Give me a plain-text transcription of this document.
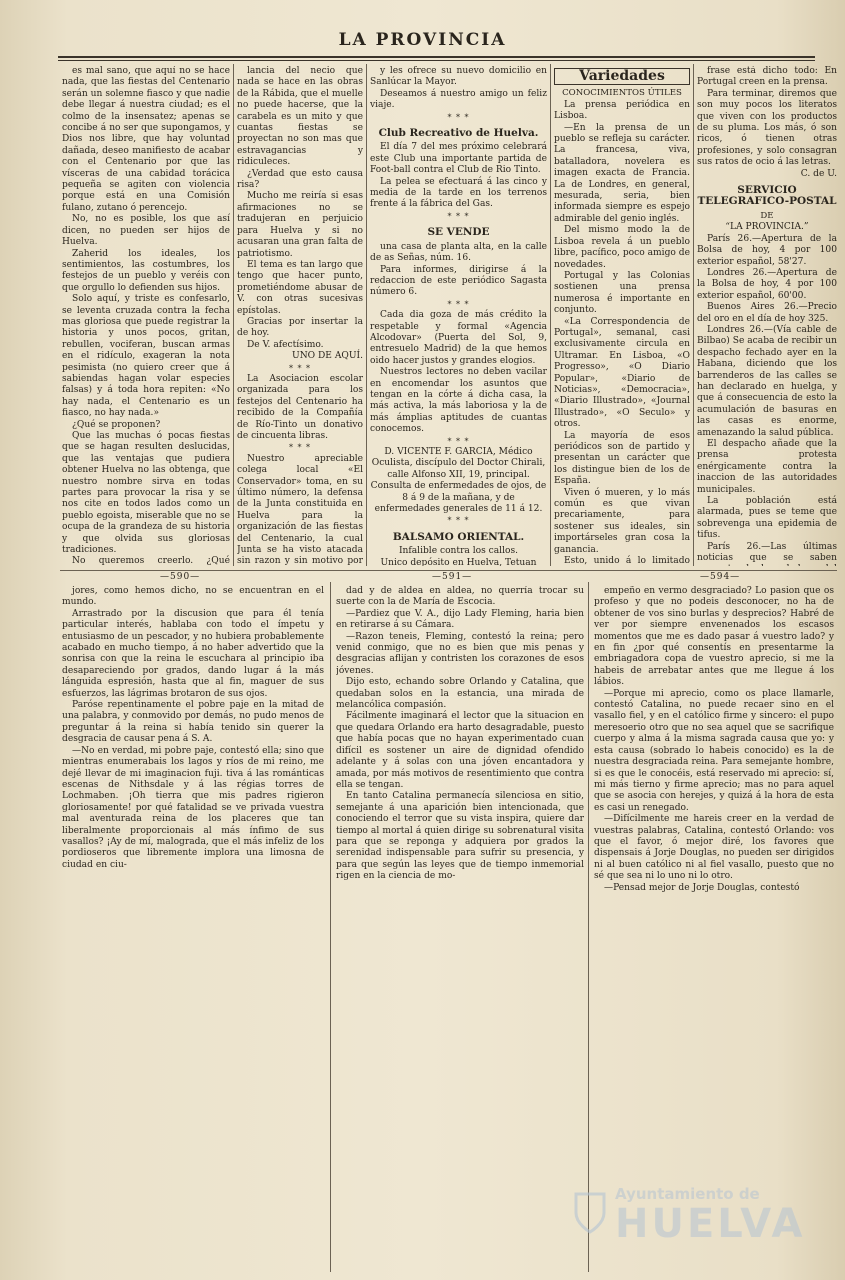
LA PROVINCIA

es mal sano, que aquí no se hace nada, que las fiestas del Centenario serán un solemne fiasco y que nadie debe llegar á nuestra ciudad; es el colmo de la insensatez; apenas se concibe á no ser que supongamos, y Dios nos libre, que hay voluntad dañada, deseo manifiesto de acabar con el Centenario por que las vísceras de una cabidad torácica pequeña se agiten con violencia porque está en una Comisión fulano, zutano ó perencejo.

No, no es posible, los que así dicen, no pueden ser hijos de Huelva.

Zaherid los ideales, los sentimientos, las costumbres, los festejos de un pueblo y veréis con que orgullo lo defienden sus hijos.

Solo aquí, y triste es confesarlo, se leventa cruzada contra la fecha mas gloriosa que puede registrar la historia y unos pocos, gritan, rebullen, vociferan, buscan armas en el ridículo, exageran la nota pesimista (no quiero creer que á sabiendas hagan volar especies falsas) y á toda hora repiten: «No hay nada, el Centenario es un fiasco, no hay nada.»

¿Qué se proponen?

Que las muchas ó pocas fiestas que se hagan resulten deslucidas, que las ventajas que pudiera obtener Huelva no las obtenga, que nuestro nombre sirva en todas partes para provocar la risa y se nos cite en todos lados como un pueblo egoista, miserable que no se ocupa de la grandeza de su historia y que olvida sus gloriosas tradiciones.

No queremos creerlo. ¿Qué

lancia del necio que nada se hace en las obras de la Rábida, que el muelle no puede hacerse, que la carabela es un mito y que cuantas fiestas se proyectan no son mas que estravagancias y ridiculeces.

¿Verdad que esto causa risa?

Mucho me reiría si esas afirmaciones no se tradujeran en perjuicio para Huelva y si no acusaran una gran falta de patriotismo.

El tema es tan largo que tengo que hacer punto, prometiéndome abusar de V. con otras sucesivas epístolas.

Gracias por insertar la de hoy.

De V. afectísimo.

UNO DE AQUÍ.

* * *

La Asociacion escolar organizada para los festejos del Centenario ha recibido de la Compañía de Río-Tinto un donativo de cincuenta libras.

* * *

Nuestro apreciable colega local «El Conservador» toma, en su último número, la defensa de la Junta constituida en Huelva para la organización de las fiestas del Centenario, la cual Junta se ha visto atacada sin razon y sin motivo por

y les ofrece su nuevo domicilio en Sanlúcar la Mayor.

Deseamos á nuestro amigo un feliz viaje.

* * *

Club Recreativo de Huelva.

El día 7 del mes próximo celebrará este Club una importante partida de Foot-ball contra el Club de Rio Tinto.

La pelea se efectuará á las cinco y media de la tarde en los terrenos frente á la fábrica del Gas.

* * *

SE VENDE

una casa de planta alta, en la calle de as Señas, núm. 16.

Para informes, dirigirse á la redaccion de este periódico Sagasta número 6.

* * *

Cada dia goza de más crédito la respetable y formal «Agencia Alcodovar» (Puerta del Sol, 9, entresuelo Madrid) de la que hemos oido hacer justos y grandes elogios.

Nuestros lectores no deben vacilar en encomendar los asuntos que tengan en la córte á dicha casa, la más activa, la más laboriosa y la de más ámplias aptitudes de cuantas conocemos.

* * *

D. VICENTE F. GARCIA, Médico Oculista, discípulo del Doctor Chirali,

calle Alfonso XII, 19, principal.

Consulta de enfermedades de ojos, de 8 á 9 de la mañana, y de enfermedades generales de 11 á 12.

* * *

BALSAMO ORIENTAL.

Infalible contra los callos.

Unico depósito en Huelva, Tetuan

Variedades

CONOCIMIENTOS ÚTILES

La prensa periódica en Lisboa.

—En la prensa de un pueblo se refleja su carácter. La francesa, viva, batalladora, novelera es imagen exacta de Francia. La de Londres, en general, mesurada, seria, bien informada siempre es espejo admirable del genio inglés.

Del mismo modo la de Lisboa revela á un pueblo libre, pacífico, poco amigo de novedades.

Portugal y las Colonias sostienen una prensa numerosa é importante en conjunto.

«La Correspondencia de Portugal», semanal, casi exclusivamente circula en Ultramar. En Lisboa, «O Progresso», «O Diario Popular», «Diario de Noticias», «Democracia», «Diario Illustrado», «Journal Illustrado», «O Seculo» y otros.

La mayoría de esos periódicos son de partido y presentan un carácter que los distingue bien de los de España.

Viven ó mueren, y lo más común es que vivan precariamente, para sostener sus ideales, sin importárseles gran cosa la ganancia.

Esto, unido á lo limitado

frase está dicho todo: En Portugal creen en la prensa.

Para terminar, diremos que son muy pocos los literatos que viven con los productos de su pluma. Los más, ó son ricos, ó tienen otras profesiones, y solo consagran sus ratos de ocio á las letras.

C. de U.

SERVICIO TELEGRAFICO-POSTAL

DE

“LA PROVINCIA.”

París 26.—Apertura de la Bolsa de hoy, 4 por 100 exterior español, 58'27.

Londres 26.—Apertura de la Bolsa de hoy, 4 por 100 exterior español, 60'00.

Buenos Aires 26.—Precio del oro en el día de hoy 325.

Londres 26.—(Vía cable de Bilbao) Se acaba de recibir un despacho fechado ayer en la Habana, diciendo que los barrenderos de las calles se han declarado en huelga, y que á consecuencia de esto la acumulación de basuras en las casas es enorme, amenazando la salud pública.

El despacho añade que la prensa protesta enérgicamente contra la inaccion de las autoridades municipales.

La población está alarmada, pues se teme que sobrevenga una epidemia de tifus.

París 26.—Las últimas noticias que se saben

—590—	—591—	—594—

jores, como hemos dicho, no se encuentran en el mundo.

Arrastrado por la discusion que para él tenía particular interés, hablaba con todo el ímpetu y entusiasmo de un pescador, y no hubiera probablemente acabado en mucho tiempo, á no haber advertido que la sonrisa con que la reina le escuchara al principio iba desapareciendo por grados, dando lugar á la más lánguida espresión, hasta que al fin, maguer de sus esfuerzos, las lágrimas brotaron de sus ojos.

Paróse repentinamente el pobre paje en la mitad de una palabra, y conmovido por demás, no pudo menos de preguntar á la reina si había tenido sin querer la desgracia de causar pena á S. A.

—No en verdad, mi pobre paje, contestó ella; sino que mientras enumerabais los lagos y ríos de mi reino, me dejé llevar de mi imaginacion fuji. tiva á las románticas escenas de Nithsdale y á las régias torres de Lochmaben. ¡Oh tierra que mis padres rigieron gloriosamente! por qué fatalidad se ve privada vuestra mal aventurada reina de los placeres que tan liberalmente proporcionais al más ínfimo de sus vasallos? ¡Ay de mí, malograda, que el más infeliz de los pordioseros que libremente implora una limosna de ciudad en ciu-

dad y de aldea en aldea, no querría trocar su suerte con la de María de Escocia.

—Pardiez que V. A., dijo Lady Fleming, haria bien en retirarse á su Cámara.

—Razon teneis, Fleming, contestó la reina; pero venid conmigo, que no es bien que mis penas y desgracias aflijan y contristen los corazones de esos jóvenes.

Dijo esto, echando sobre Orlando y Catalina, que quedaban solos en la estancia, una mirada de melancólica compasión.

Fácilmente imaginará el lector que la situacion en que quedara Orlando era harto desagradable, puesto que había pocas que no hayan experimentado cuan difícil es sostener un aire de dignidad ofendido adelante y á solas con una jóven encantadora y amada, por más motivos de resentimiento que contra ella se tengan.

En tanto Catalina permanecía silenciosa en sitio, semejante á una aparición bien intencionada, que conociendo el terror que su vista inspira, quiere dar tiempo al mortal á quien dirige su sobrenatural visita para que se reponga y adquiera por grados la serenidad indispensable para sufrir su presencia, y para que según las leyes que de tiempo inmemorial rigen en la ciencia de mo-

empeño en vermo desgraciado? Lo pasion que os profeso y que no podeis desconocer, no ha de obtener de vos sino burlas y desprecios? Habré de ver por siempre envenenados los escasos momentos que me es dado pasar á vuestro lado? y en fin ¿por qué consentís en presentarme la embriagadora copa de vuestro aprecio, si me la habeis de arrebatar antes que me llegue á los lábios.

—Porque mi aprecio, como os place llamarle, contestó Catalina, no puede recaer sino en el vasallo fiel, y en el católico firme y sincero: el pupo meresoerio otro que no sea aquel que se sacrifique cuerpo y alma á la misma sagrada causa que yo: y esta causa (sobrado lo habeis conocido) es la de nuestra desgraciada reina. Para semejante hombre, si es que le conocéis, está reservado mi aprecio: sí, mi más tierno y firme aprecio; mas no para aquel que se asocia con herejes, y quizá á la hora de esta es casi un renegado.

—Difícilmente me hareis creer en la verdad de vuestras palabras, Catalina, contestó Orlando: vos que el favor, ó mejor diré, los favores que dispensais á Jorje Douglas, no pueden ser dirigidos ni al buen católico ni al fiel vasallo, puesto que no sé que sea ni lo uno ni lo otro.

—Pensad mejor de Jorje Douglas, contestó

Ayuntamiento de
HUELVA
